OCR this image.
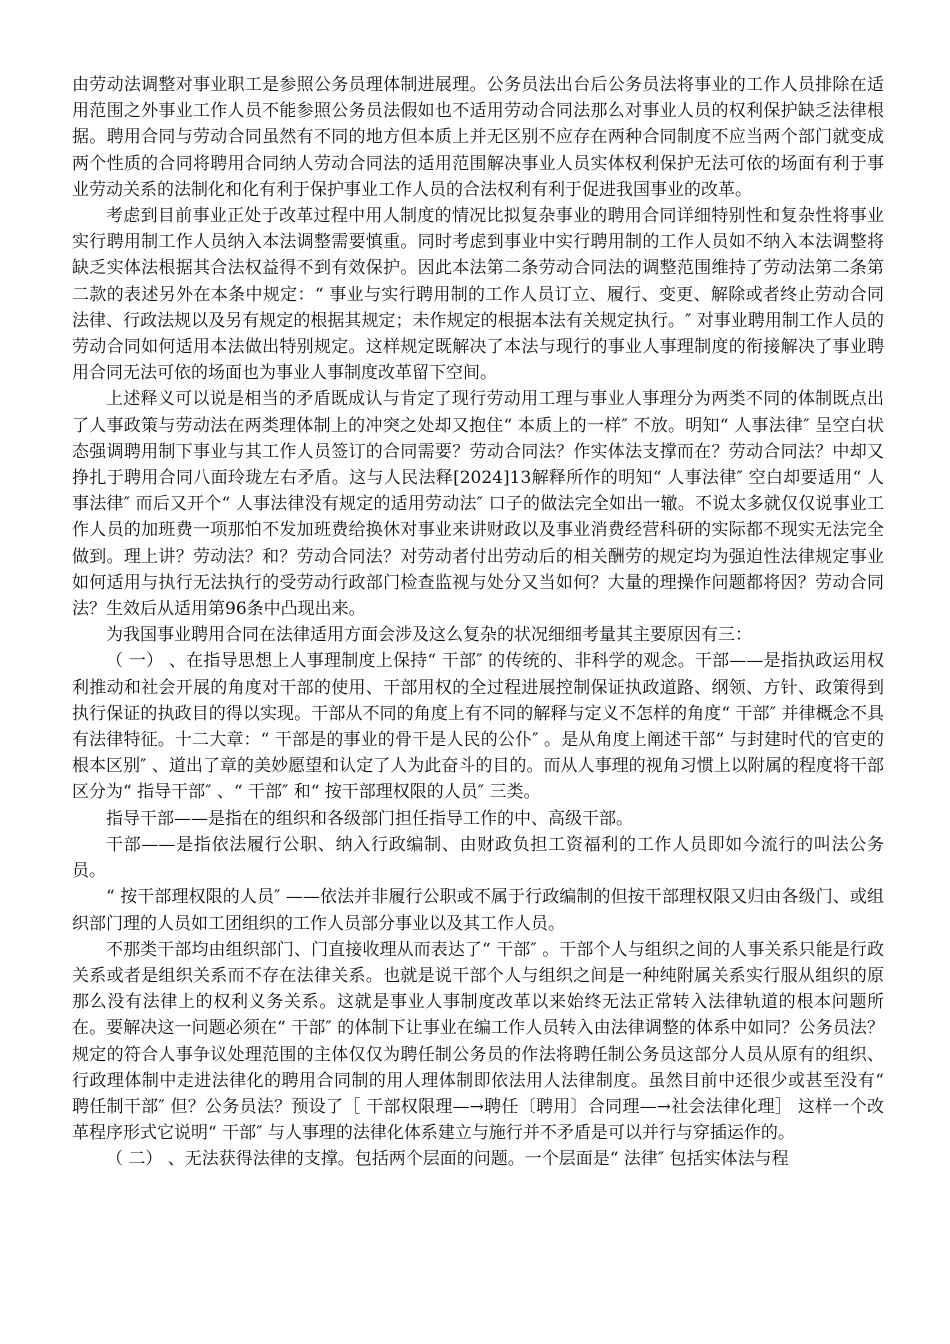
由劳动法调整对事业职工是参照公务员理体制进展理。公务员法出台后公务员法将事业的工作人员排除在适用范围之外事业工作人员不能参照公务员法假如也不适用劳动合同法那么对事业人员的权利保护缺乏法律根据。聘用合同与劳动合同虽然有不同的地方但本质上并无区别不应存在两种合同制度不应当两个部门就变成两个性质的合同将聘用合同纳人劳动合同法的适用范围解决事业人员实体权利保护无法可依的场面有利于事业劳动关系的法制化和化有利于保护事业工作人员的合法权利有利于促进我国事业的改革。

考虑到目前事业正处于改革过程中用人制度的情况比拟复杂事业的聘用合同详细特别性和复杂性将事业实行聘用制工作人员纳入本法调整需要慎重。同时考虑到事业中实行聘用制的工作人员如不纳入本法调整将缺乏实体法根据其合法权益得不到有效保护。因此本法第二条劳动合同法的调整范围维持了劳动法第二条第二款的表述另外在本条中规定：“ 事业与实行聘用制的工作人员订立、履行、变更、解除或者终止劳动合同法律、行政法规以及另有规定的根据其规定；未作规定的根据本法有关规定执行。″ 对事业聘用制工作人员的劳动合同如何适用本法做出特别规定。这样规定既解决了本法与现行的事业人事理制度的衔接解决了事业聘用合同无法可依的场面也为事业人事制度改革留下空间。

上述释义可以说是相当的矛盾既成认与肯定了现行劳动用工理与事业人事理分为两类不同的体制既点出了人事政策与劳动法在两类理体制上的冲突之处却又抱住“ 本质上的一样″ 不放。明知“ 人事法律″ 呈空白状态强调聘用制下事业与其工作人员签订的合同需要？劳动合同法？作实体法支撑而在？劳动合同法？中却又挣扎于聘用合同八面玲珑左右矛盾。这与人民法释[2024]13解释所作的明知“ 人事法律″ 空白却要适用“ 人事法律″ 而后又开个“ 人事法律没有规定的适用劳动法″ 口子的做法完全如出一辙。不说太多就仅仅说事业工作人员的加班费一项那怕不发加班费给换休对事业来讲财政以及事业消费经营科研的实际都不现实无法完全做到。理上讲？劳动法？和？劳动合同法？对劳动者付出劳动后的相关酬劳的规定均为强迫性法律规定事业如何适用与执行无法执行的受劳动行政部门检查监视与处分又当如何？大量的理操作问题都将因？劳动合同法？生效后从适用第96条中凸现出来。

为我国事业聘用合同在法律适用方面会涉及这么复杂的状况细细考量其主要原因有三：

（ 一） 、在指导思想上人事理制度上保持“ 干部″ 的传统的、非科学的观念。干部——是指执政运用权利推动和社会开展的角度对干部的使用、干部用权的全过程进展控制保证执政道路、纲领、方针、政策得到执行保证的执政目的得以实现。干部从不同的角度上有不同的解释与定义不怎样的角度“ 干部″ 并律概念不具有法律特征。十二大章：“ 干部是的事业的骨干是人民的公仆″ 。是从角度上阐述干部“ 与封建时代的官吏的根本区别″ 、道出了章的美妙愿望和认定了人为此奋斗的目的。而从人事理的视角习惯上以附属的程度将干部区分为“ 指导干部″ 、“ 干部″ 和“ 按干部理权限的人员″ 三类。

指导干部——是指在的组织和各级部门担任指导工作的中、高级干部。

干部——是指依法履行公职、纳入行政编制、由财政负担工资福利的工作人员即如今流行的叫法公务员。

“ 按干部理权限的人员″ ——依法并非履行公职或不属于行政编制的但按干部理权限又归由各级门、或组织部门理的人员如工团组织的工作人员部分事业以及其工作人员。

不那类干部均由组织部门、门直接收理从而表达了“ 干部″ 。干部个人与组织之间的人事关系只能是行政关系或者是组织关系而不存在法律关系。也就是说干部个人与组织之间是一种纯附属关系实行服从组织的原那么没有法律上的权利义务关系。这就是事业人事制度改革以来始终无法正常转入法律轨道的根本问题所在。要解决这一问题必须在“ 干部″ 的体制下让事业在编工作人员转入由法律调整的体系中如同？公务员法？规定的符合人事争议处理范围的主体仅仅为聘任制公务员的作法将聘任制公务员这部分人员从原有的组织、行政理体制中走进法律化的聘用合同制的用人理体制即依法用人法律制度。虽然目前中还很少或甚至没有“ 聘任制干部″ 但？公务员法？预设了［ 干部权限理—→聘任〔聘用〕合同理—→社会法律化理］ 这样一个改革程序形式它说明“ 干部″ 与人事理的法律化体系建立与施行并不矛盾是可以并行与穿插运作的。

（ 二） 、无法获得法律的支撑。包括两个层面的问题。一个层面是“ 法律″ 包括实体法与程
